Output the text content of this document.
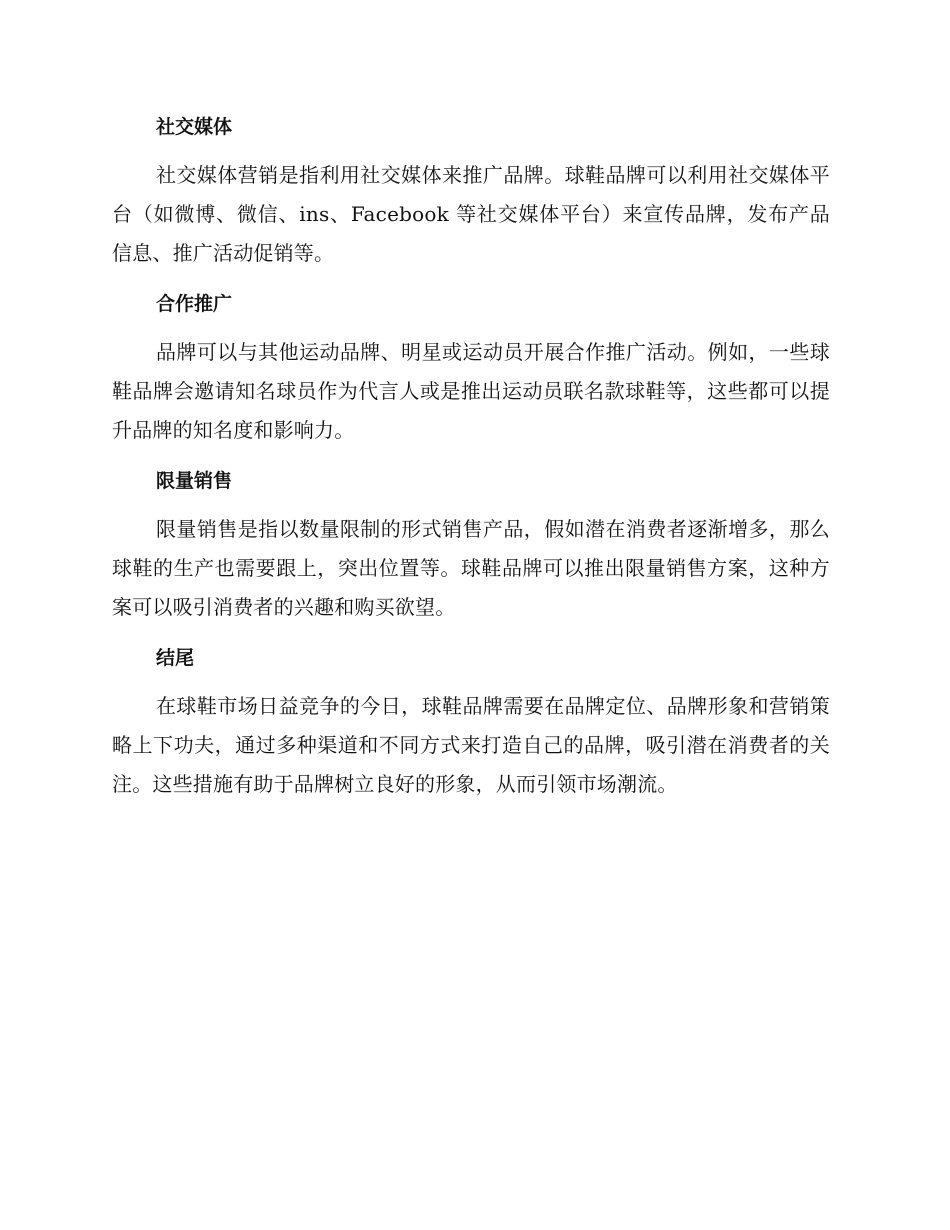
社交媒体

社交媒体营销是指利用社交媒体来推广品牌。球鞋品牌可以利用社交媒体平台（如微博、微信、ins、Facebook 等社交媒体平台）来宣传品牌，发布产品信息、推广活动促销等。

合作推广

品牌可以与其他运动品牌、明星或运动员开展合作推广活动。例如，一些球鞋品牌会邀请知名球员作为代言人或是推出运动员联名款球鞋等，这些都可以提升品牌的知名度和影响力。

限量销售

限量销售是指以数量限制的形式销售产品，假如潜在消费者逐渐增多，那么球鞋的生产也需要跟上，突出位置等。球鞋品牌可以推出限量销售方案，这种方案可以吸引消费者的兴趣和购买欲望。

结尾

在球鞋市场日益竞争的今日，球鞋品牌需要在品牌定位、品牌形象和营销策略上下功夫，通过多种渠道和不同方式来打造自己的品牌，吸引潜在消费者的关注。这些措施有助于品牌树立良好的形象，从而引领市场潮流。
